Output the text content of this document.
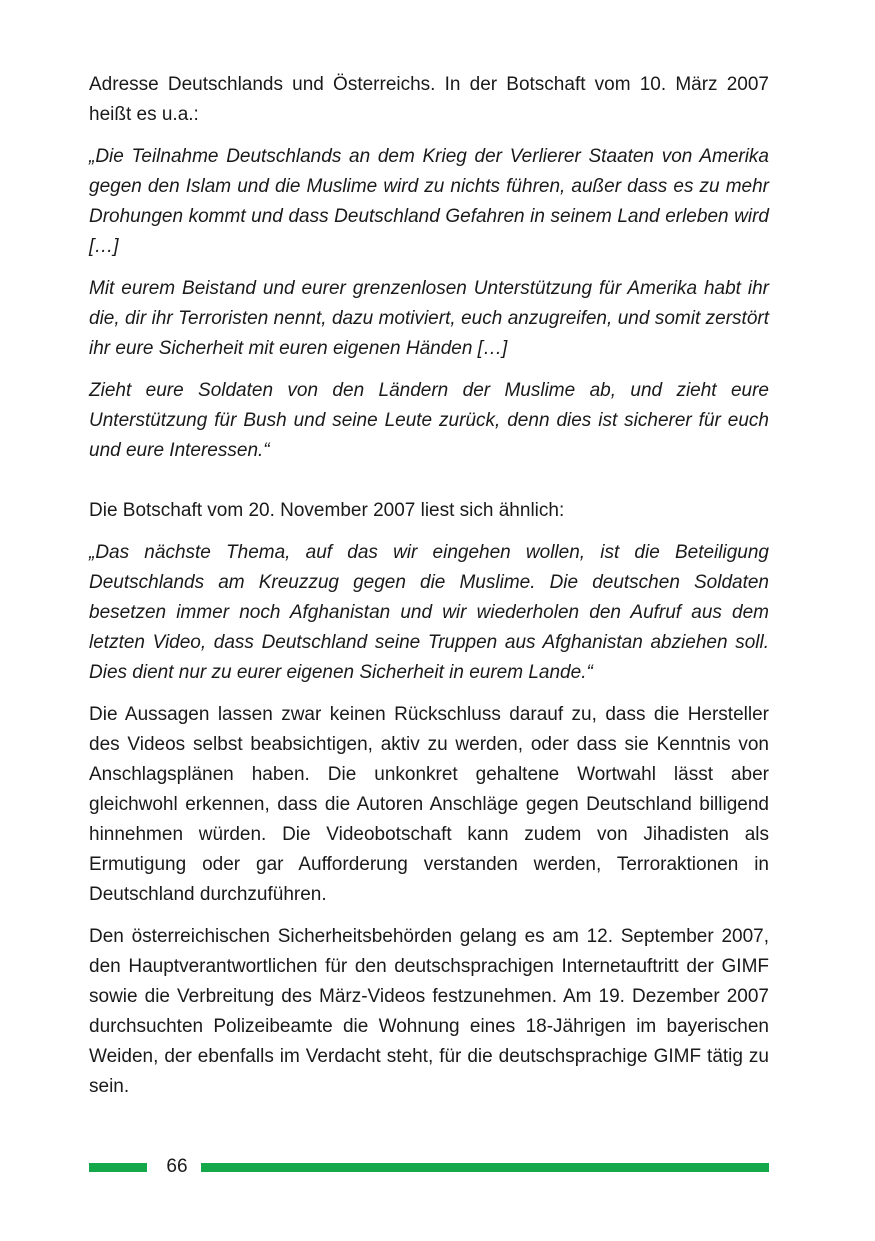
Adresse Deutschlands und Österreichs. In der Botschaft vom 10. März 2007 heißt es u.a.:

„Die Teilnahme Deutschlands an dem Krieg der Verlierer Staaten von Amerika gegen den Islam und die Muslime wird zu nichts führen, außer dass es zu mehr Drohungen kommt und dass Deutschland Gefahren in seinem Land erleben wird […]

Mit eurem Beistand und eurer grenzenlosen Unterstützung für Amerika habt ihr die, dir ihr Terroristen nennt, dazu motiviert, euch anzugreifen, und somit zerstört ihr eure Sicherheit mit euren eigenen Händen […]

Zieht eure Soldaten von den Ländern der Muslime ab, und zieht eure Unterstützung für Bush und seine Leute zurück, denn dies ist sicherer für euch und eure Interessen.“

Die Botschaft vom 20. November 2007 liest sich ähnlich:

„Das nächste Thema, auf das wir eingehen wollen, ist die Beteiligung Deutschlands am Kreuzzug gegen die Muslime. Die deutschen Soldaten besetzen immer noch Afghanistan und wir wiederholen den Aufruf aus dem letzten Video, dass Deutschland seine Truppen aus Afghanistan abziehen soll. Dies dient nur zu eurer eigenen Sicherheit in eurem Lande.“

Die Aussagen lassen zwar keinen Rückschluss darauf zu, dass die Hersteller des Videos selbst beabsichtigen, aktiv zu werden, oder dass sie Kenntnis von Anschlagsplänen haben. Die unkonkret gehaltene Wortwahl lässt aber gleichwohl erkennen, dass die Autoren Anschläge gegen Deutschland billigend hinnehmen würden. Die Videobotschaft kann zudem von Jihadisten als Ermutigung oder gar Aufforderung verstanden werden, Terroraktionen in Deutschland durchzuführen.

Den österreichischen Sicherheitsbehörden gelang es am 12. September 2007, den Hauptverantwortlichen für den deutschsprachigen Internetauftritt der GIMF sowie die Verbreitung des März-Videos festzunehmen. Am 19. Dezember 2007 durchsuchten Polizeibeamte die Wohnung eines 18-Jährigen im bayerischen Weiden, der ebenfalls im Verdacht steht, für die deutschsprachige GIMF tätig zu sein.

66
